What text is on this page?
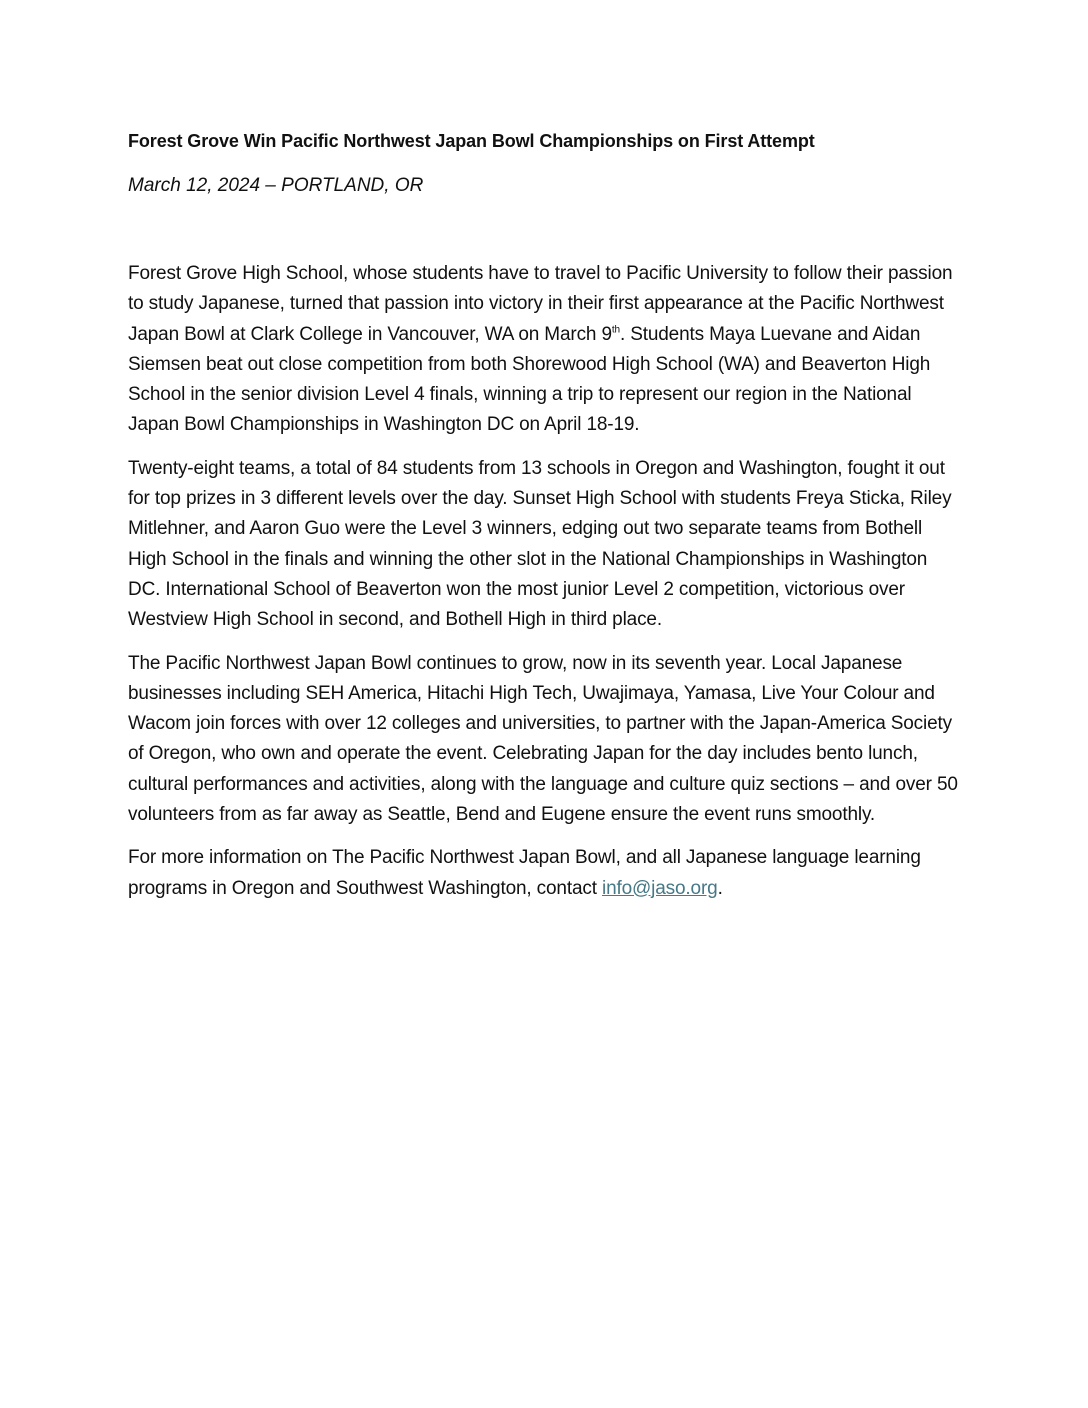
Forest Grove Win Pacific Northwest Japan Bowl Championships on First Attempt

March 12, 2024 – PORTLAND, OR

Forest Grove High School, whose students have to travel to Pacific University to follow their passion to study Japanese, turned that passion into victory in their first appearance at the Pacific Northwest Japan Bowl at Clark College in Vancouver, WA on March 9th. Students Maya Luevane and Aidan Siemsen beat out close competition from both Shorewood High School (WA) and Beaverton High School in the senior division Level 4 finals, winning a trip to represent our region in the National Japan Bowl Championships in Washington DC on April 18-19.

Twenty-eight teams, a total of 84 students from 13 schools in Oregon and Washington, fought it out for top prizes in 3 different levels over the day. Sunset High School with students Freya Sticka, Riley Mitlehner, and Aaron Guo were the Level 3 winners, edging out two separate teams from Bothell High School in the finals and winning the other slot in the National Championships in Washington DC. International School of Beaverton won the most junior Level 2 competition, victorious over Westview High School in second, and Bothell High in third place.

The Pacific Northwest Japan Bowl continues to grow, now in its seventh year. Local Japanese businesses including SEH America, Hitachi High Tech, Uwajimaya, Yamasa, Live Your Colour and Wacom join forces with over 12 colleges and universities, to partner with the Japan-America Society of Oregon, who own and operate the event. Celebrating Japan for the day includes bento lunch, cultural performances and activities, along with the language and culture quiz sections – and over 50 volunteers from as far away as Seattle, Bend and Eugene ensure the event runs smoothly.

For more information on The Pacific Northwest Japan Bowl, and all Japanese language learning programs in Oregon and Southwest Washington, contact info@jaso.org.
